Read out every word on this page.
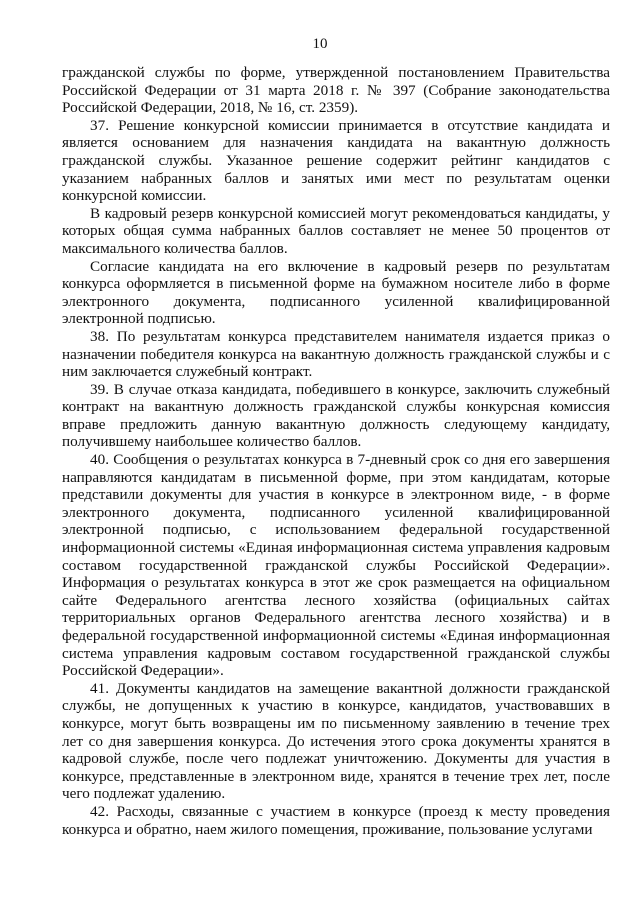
10

гражданской службы по форме, утвержденной постановлением Правительства Российской Федерации от 31 марта 2018 г. № 397 (Собрание законодательства Российской Федерации, 2018, № 16, ст. 2359).

37. Решение конкурсной комиссии принимается в отсутствие кандидата и является основанием для назначения кандидата на вакантную должность гражданской службы. Указанное решение содержит рейтинг кандидатов с указанием набранных баллов и занятых ими мест по результатам оценки конкурсной комиссии.

В кадровый резерв конкурсной комиссией могут рекомендоваться кандидаты, у которых общая сумма набранных баллов составляет не менее 50 процентов от максимального количества баллов.

Согласие кандидата на его включение в кадровый резерв по результатам конкурса оформляется в письменной форме на бумажном носителе либо в форме электронного документа, подписанного усиленной квалифицированной электронной подписью.

38. По результатам конкурса представителем нанимателя издается приказ о назначении победителя конкурса на вакантную должность гражданской службы и с ним заключается служебный контракт.

39. В случае отказа кандидата, победившего в конкурсе, заключить служебный контракт на вакантную должность гражданской службы конкурсная комиссия вправе предложить данную вакантную должность следующему кандидату, получившему наибольшее количество баллов.

40. Сообщения о результатах конкурса в 7-дневный срок со дня его завершения направляются кандидатам в письменной форме, при этом кандидатам, которые представили документы для участия в конкурсе в электронном виде, - в форме электронного документа, подписанного усиленной квалифицированной электронной подписью, с использованием федеральной государственной информационной системы «Единая информационная система управления кадровым составом государственной гражданской службы Российской Федерации». Информация о результатах конкурса в этот же срок размещается на официальном сайте Федерального агентства лесного хозяйства (официальных сайтах территориальных органов Федерального агентства лесного хозяйства) и в федеральной государственной информационной системы «Единая информационная система управления кадровым составом государственной гражданской службы Российской Федерации».

41. Документы кандидатов на замещение вакантной должности гражданской службы, не допущенных к участию в конкурсе, кандидатов, участвовавших в конкурсе, могут быть возвращены им по письменному заявлению в течение трех лет со дня завершения конкурса. До истечения этого срока документы хранятся в кадровой службе, после чего подлежат уничтожению. Документы для участия в конкурсе, представленные в электронном виде, хранятся в течение трех лет, после чего подлежат удалению.

42. Расходы, связанные с участием в конкурсе (проезд к месту проведения конкурса и обратно, наем жилого помещения, проживание, пользование услугами
